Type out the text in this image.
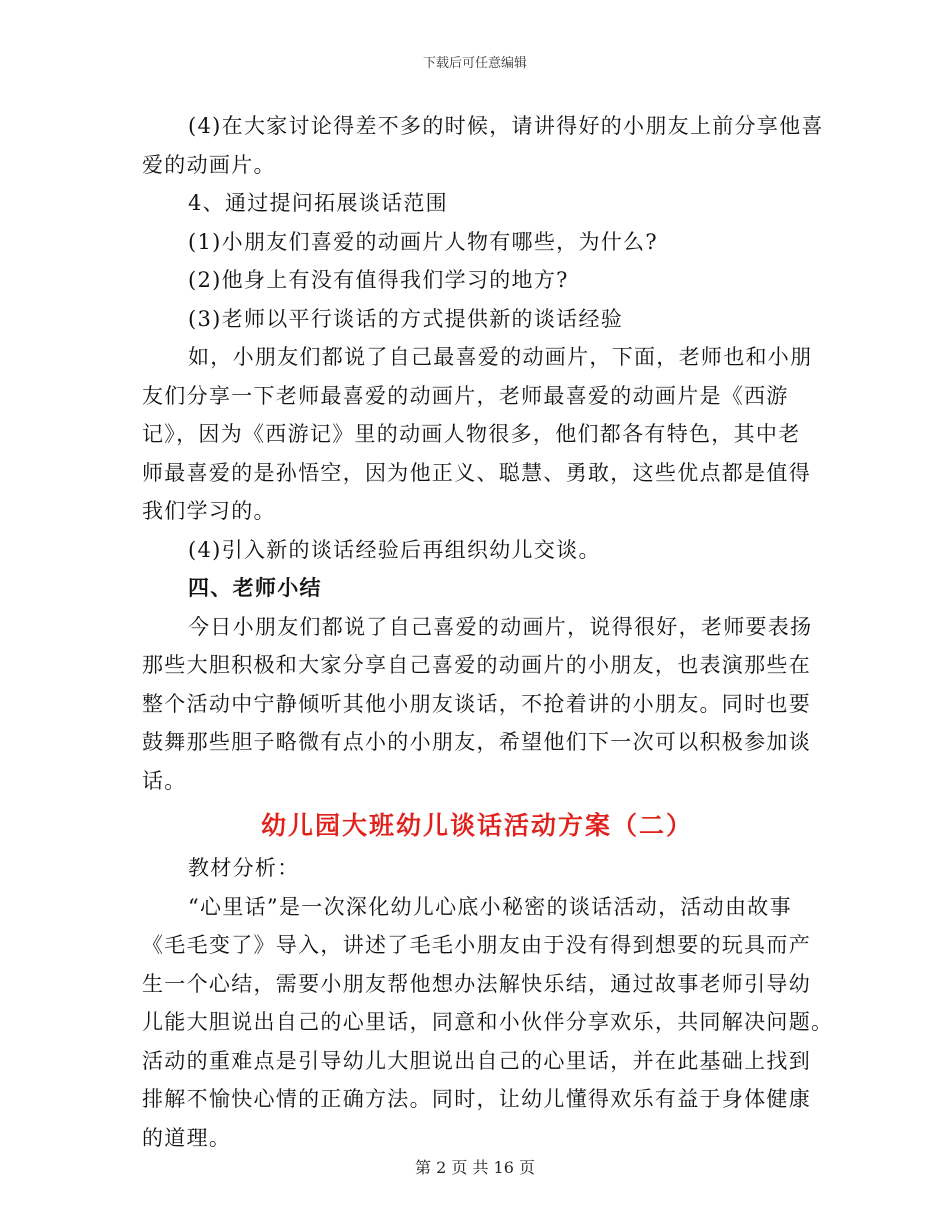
下载后可任意编辑

(4)在大家讨论得差不多的时候，请讲得好的小朋友上前分享他喜

爱的动画片。

4、通过提问拓展谈话范围

(1)小朋友们喜爱的动画片人物有哪些，为什么?

(2)他身上有没有值得我们学习的地方?

(3)老师以平行谈话的方式提供新的谈话经验

如，小朋友们都说了自己最喜爱的动画片，下面，老师也和小朋

友们分享一下老师最喜爱的动画片，老师最喜爱的动画片是《西游

记》，因为《西游记》里的动画人物很多，他们都各有特色，其中老

师最喜爱的是孙悟空，因为他正义、聪慧、勇敢，这些优点都是值得

我们学习的。

(4)引入新的谈话经验后再组织幼儿交谈。

四、老师小结

今日小朋友们都说了自己喜爱的动画片，说得很好，老师要表扬

那些大胆积极和大家分享自己喜爱的动画片的小朋友，也表演那些在

整个活动中宁静倾听其他小朋友谈话，不抢着讲的小朋友。同时也要

鼓舞那些胆子略微有点小的小朋友，希望他们下一次可以积极参加谈

话。

幼儿园大班幼儿谈话活动方案（二）

教材分析：

“心里话”是一次深化幼儿心底小秘密的谈话活动，活动由故事

《毛毛变了》导入，讲述了毛毛小朋友由于没有得到想要的玩具而产

生一个心结，需要小朋友帮他想办法解快乐结，通过故事老师引导幼

儿能大胆说出自己的心里话，同意和小伙伴分享欢乐，共同解决问题。

活动的重难点是引导幼儿大胆说出自己的心里话，并在此基础上找到

排解不愉快心情的正确方法。同时，让幼儿懂得欢乐有益于身体健康

的道理。

第 2 页 共 16 页
